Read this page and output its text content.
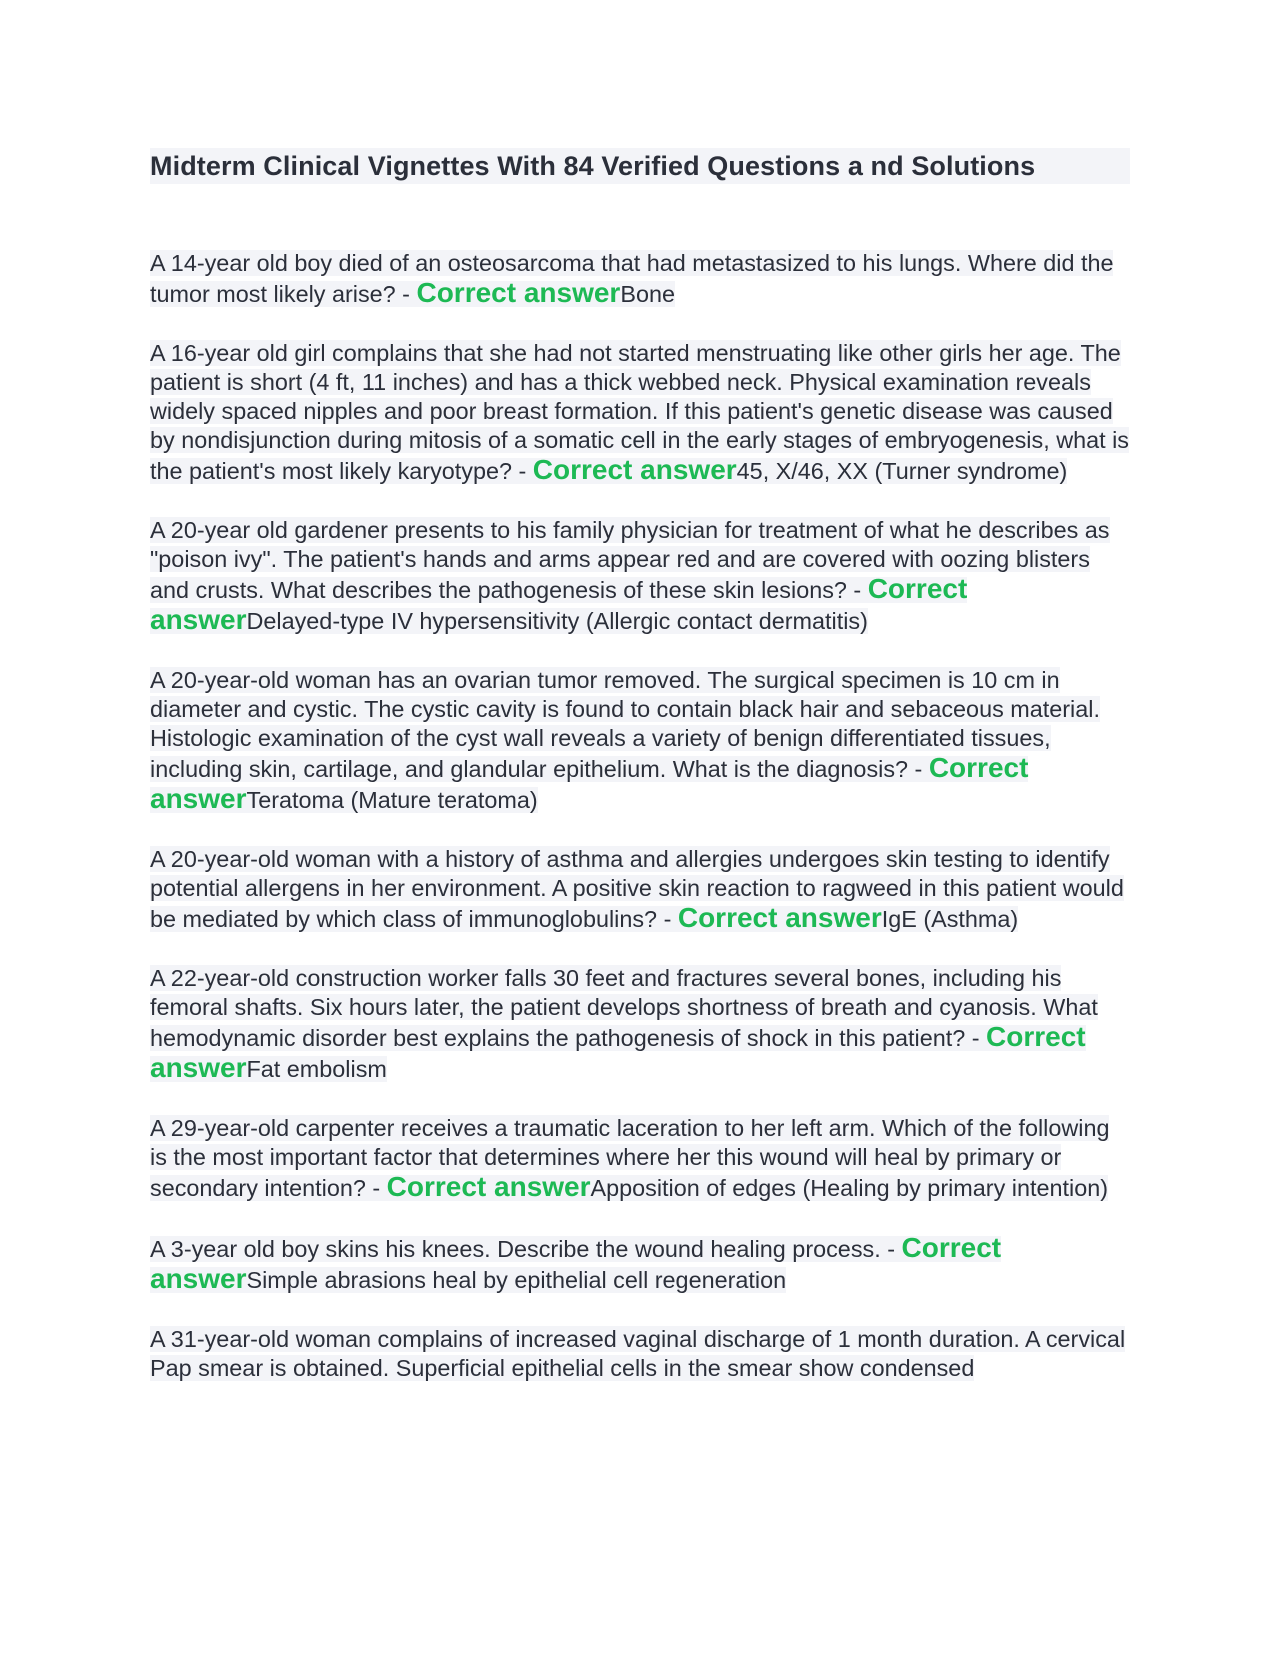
Midterm Clinical Vignettes With 84 Verified Questions a nd Solutions
A 14-year old boy died of an osteosarcoma that had metastasized to his lungs. Where did the tumor most likely arise? - Correct answerBone
A 16-year old girl complains that she had not started menstruating like other girls her age. The patient is short (4 ft, 11 inches) and has a thick webbed neck. Physical examination reveals widely spaced nipples and poor breast formation. If this patient's genetic disease was caused by nondisjunction during mitosis of a somatic cell in the early stages of embryogenesis, what is the patient's most likely karyotype? - Correct answer45, X/46, XX (Turner syndrome)
A 20-year old gardener presents to his family physician for treatment of what he describes as "poison ivy". The patient's hands and arms appear red and are covered with oozing blisters and crusts. What describes the pathogenesis of these skin lesions? - Correct answerDelayed-type IV hypersensitivity (Allergic contact dermatitis)
A 20-year-old woman has an ovarian tumor removed. The surgical specimen is 10 cm in diameter and cystic. The cystic cavity is found to contain black hair and sebaceous material. Histologic examination of the cyst wall reveals a variety of benign differentiated tissues, including skin, cartilage, and glandular epithelium. What is the diagnosis? - Correct answerTeratoma (Mature teratoma)
A 20-year-old woman with a history of asthma and allergies undergoes skin testing to identify potential allergens in her environment. A positive skin reaction to ragweed in this patient would be mediated by which class of immunoglobulins? - Correct answerIgE (Asthma)
A 22-year-old construction worker falls 30 feet and fractures several bones, including his femoral shafts. Six hours later, the patient develops shortness of breath and cyanosis. What hemodynamic disorder best explains the pathogenesis of shock in this patient? - Correct answerFat embolism
A 29-year-old carpenter receives a traumatic laceration to her left arm. Which of the following is the most important factor that determines where her this wound will heal by primary or secondary intention? - Correct answerApposition of edges (Healing by primary intention)
A 3-year old boy skins his knees. Describe the wound healing process. - Correct answerSimple abrasions heal by epithelial cell regeneration
A 31-year-old woman complains of increased vaginal discharge of 1 month duration. A cervical Pap smear is obtained. Superficial epithelial cells in the smear show condensed
